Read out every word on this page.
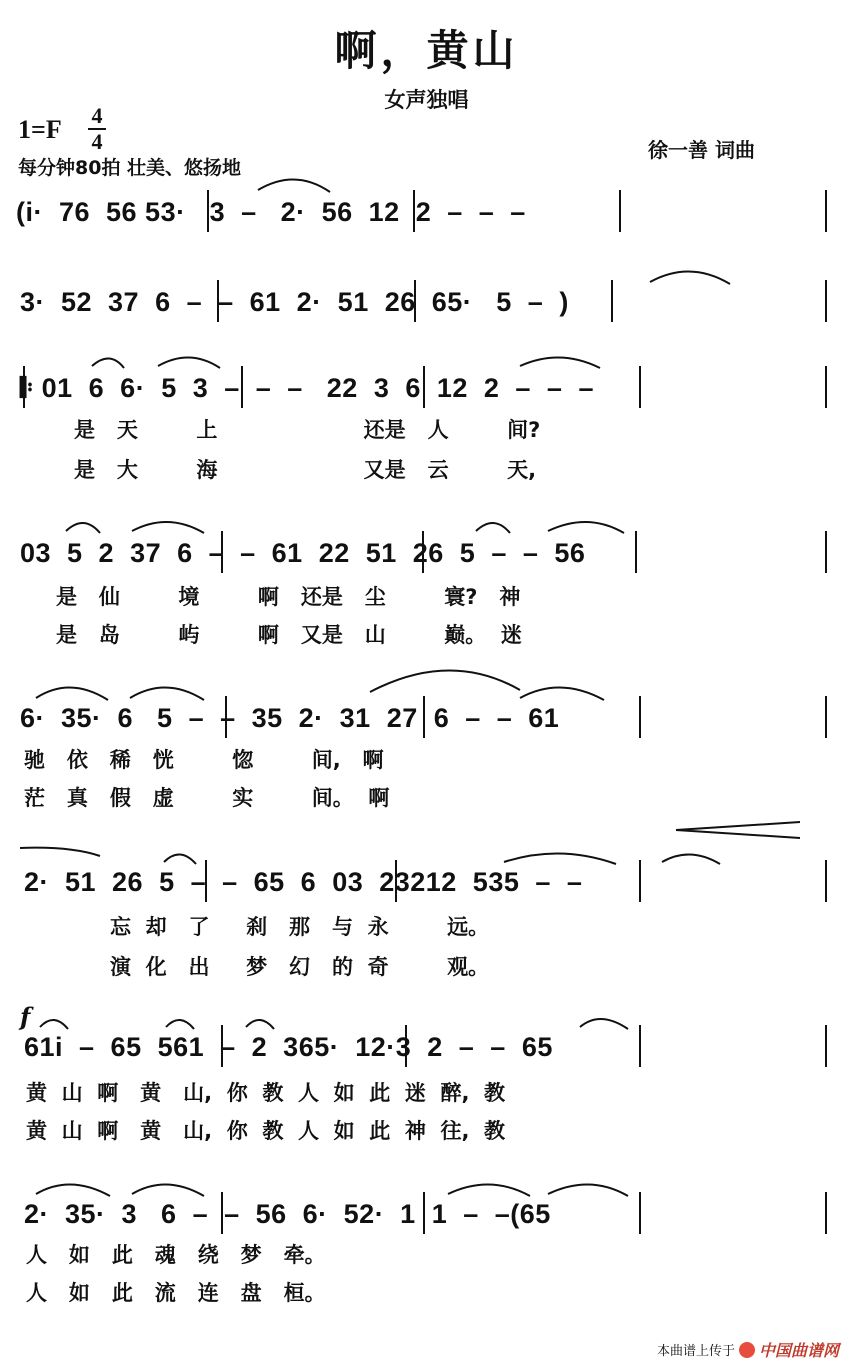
啊，黄山
女声独唱
1=F 4
4
每分钟80拍 壮美、悠扬地
徐一善 词曲
(i·  76  56 53·   3  –   2·  56  12  2  –  –  –
3·  52  37  6  –  –  61  2·  51  26  65·   5  –  )
𝄆 01  6  6·  5  3  –  –  –   22  3  6  12  2  –  –  –
是   天        上                    还是   人        间?
是   大        海                    又是   云        天,
03  5  2  37  6  –  –  61  22  51  26  5  –  –  56
是   仙        境        啊   还是   尘        寰?   神
是   岛        屿        啊   又是   山        巅。  迷
6·  35·  6   5  –  –  35  2·  31  27  6  –  –  61
驰   依   稀   恍        惚        间,   啊
茫   真   假   虚        实        间。  啊
2·  51  26  5  –  –  65  6  03  23212  535  –  –
忘  却   了     刹   那   与  永        远。
演  化   出     梦   幻   的  奇        观。
f
61i  –  65  561  –  2  365·  12·3  2  –  –  65
黄  山  啊   黄   山,  你  教  人  如  此  迷  醉,  教
黄  山  啊   黄   山,  你  教  人  如  此  神  往,  教
2·  35·  3   6  –  –  56  6·  52·  1  1  –  –(65
人   如   此   魂   绕   梦   牵。
人   如   此   流   连   盘   桓。
本曲谱上传于 中国曲谱网
